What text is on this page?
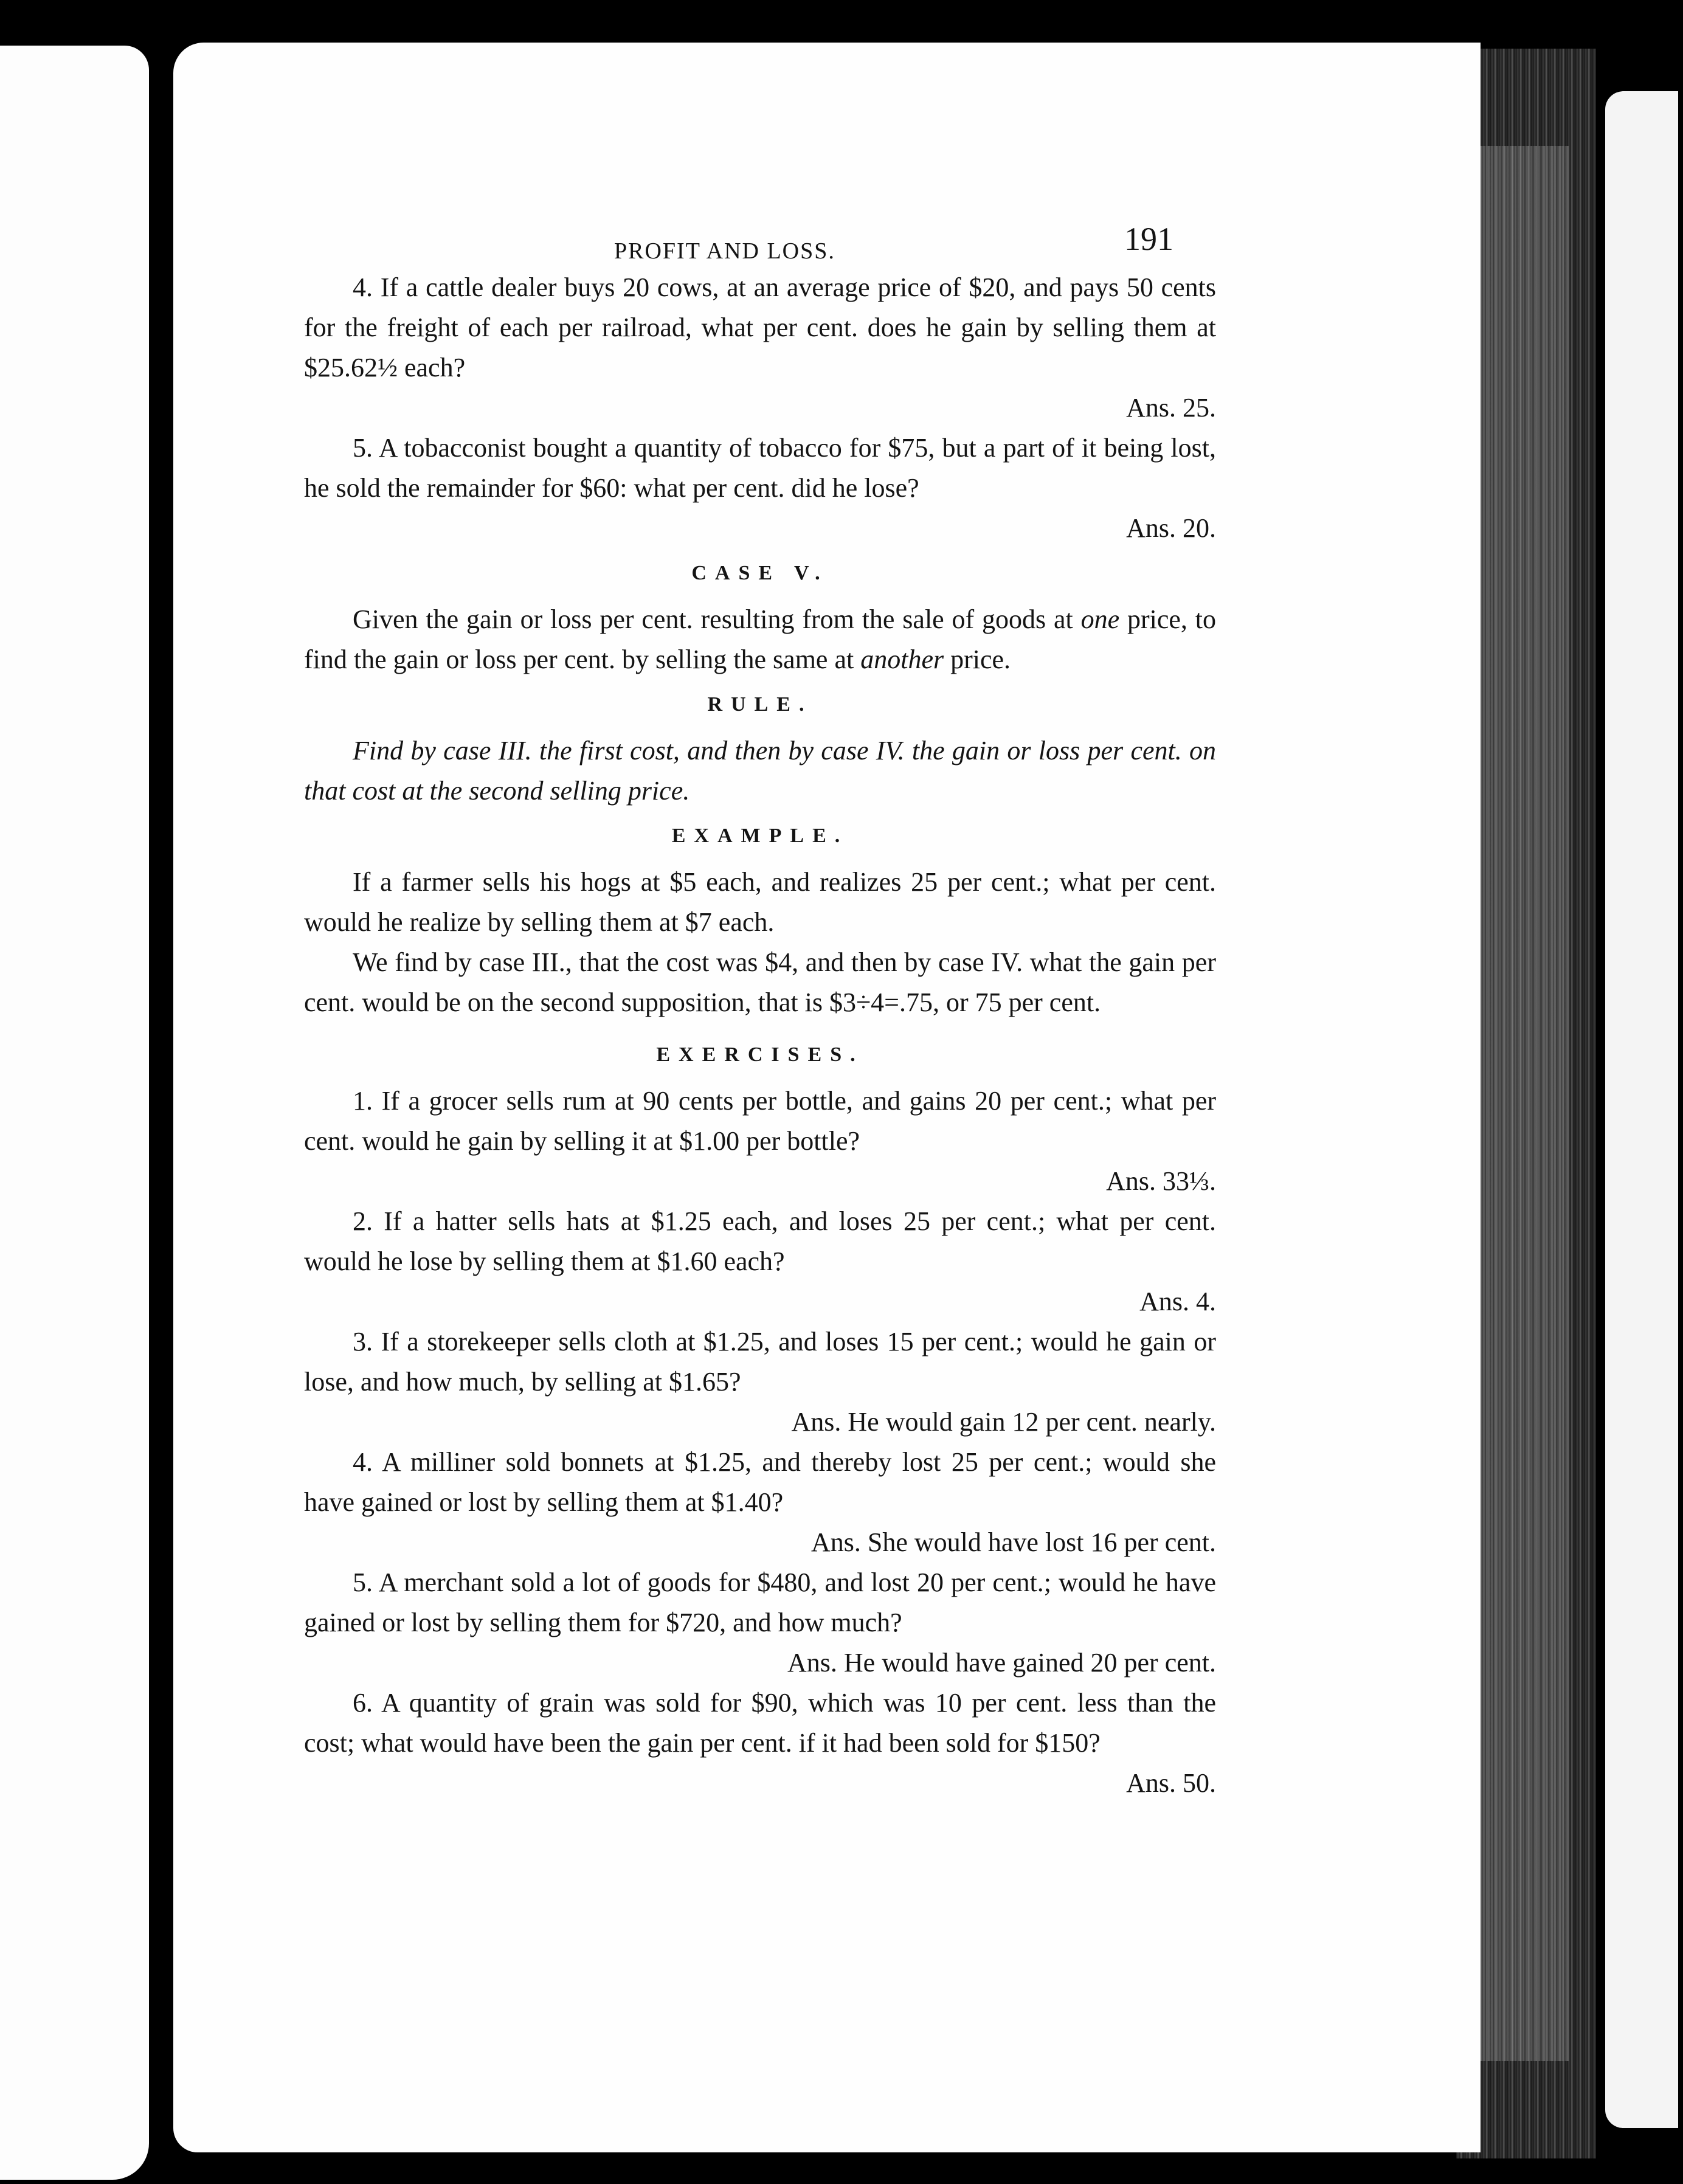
PROFIT AND LOSS.	191

4. If a cattle dealer buys 20 cows, at an average price of $20, and pays 50 cents for the freight of each per railroad, what per cent. does he gain by selling them at $25.62½ each?
Ans. 25.

5. A tobacconist bought a quantity of tobacco for $75, but a part of it being lost, he sold the remainder for $60: what per cent. did he lose?
Ans. 20.

CASE V.

Given the gain or loss per cent. resulting from the sale of goods at one price, to find the gain or loss per cent. by selling the same at another price.

RULE.

Find by case III. the first cost, and then by case IV. the gain or loss per cent. on that cost at the second selling price.

EXAMPLE.

If a farmer sells his hogs at $5 each, and realizes 25 per cent.; what per cent. would he realize by selling them at $7 each.

We find by case III., that the cost was $4, and then by case IV. what the gain per cent. would be on the second supposition, that is $3÷4=.75, or 75 per cent.

EXERCISES.

1. If a grocer sells rum at 90 cents per bottle, and gains 20 per cent.; what per cent. would he gain by selling it at $1.00 per bottle?
Ans. 33⅓.

2. If a hatter sells hats at $1.25 each, and loses 25 per cent.; what per cent. would he lose by selling them at $1.60 each?
Ans. 4.

3. If a storekeeper sells cloth at $1.25, and loses 15 per cent.; would he gain or lose, and how much, by selling at $1.65?
Ans. He would gain 12 per cent. nearly.

4. A milliner sold bonnets at $1.25, and thereby lost 25 per cent.; would she have gained or lost by selling them at $1.40?
Ans. She would have lost 16 per cent.

5. A merchant sold a lot of goods for $480, and lost 20 per cent.; would he have gained or lost by selling them for $720, and how much?
Ans. He would have gained 20 per cent.

6. A quantity of grain was sold for $90, which was 10 per cent. less than the cost; what would have been the gain per cent. if it had been sold for $150?
Ans. 50.
